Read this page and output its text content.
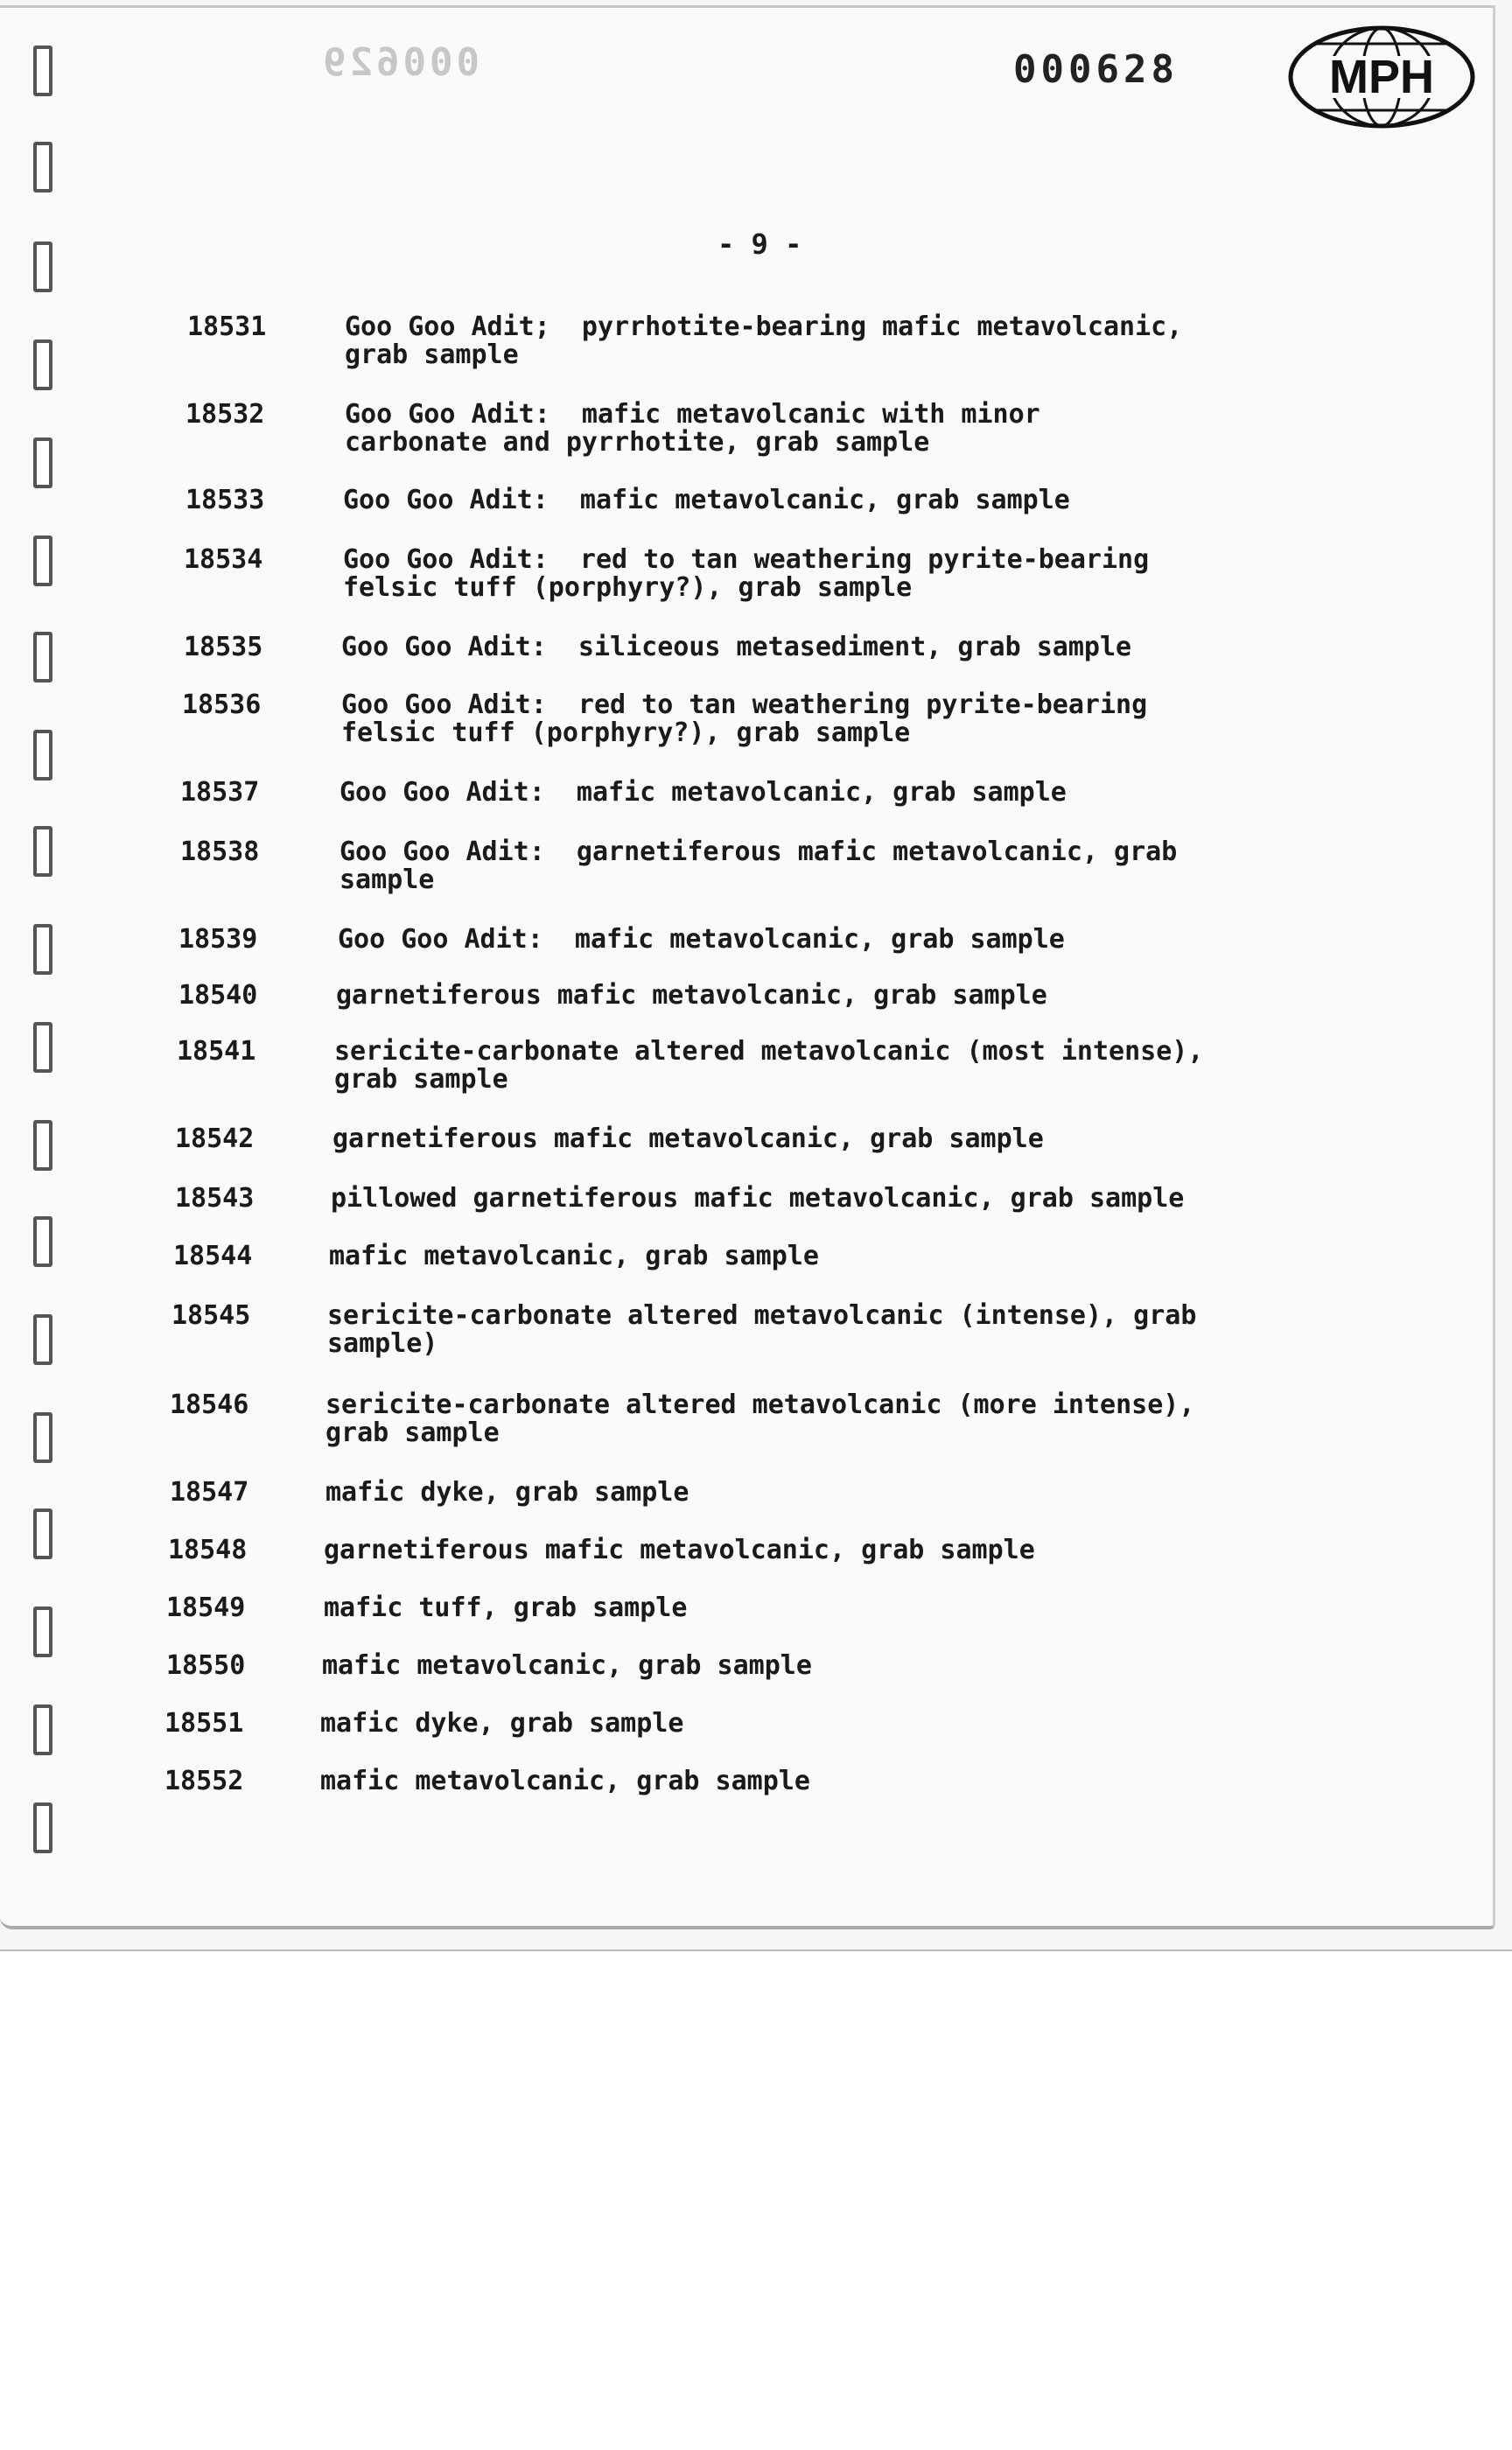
000629	000628	MPH
- 9 -
18531	Goo Goo Adit;  pyrrhotite-bearing mafic metavolcanic,
grab sample
18532	Goo Goo Adit:  mafic metavolcanic with minor
carbonate and pyrrhotite, grab sample
18533	Goo Goo Adit:  mafic metavolcanic, grab sample
18534	Goo Goo Adit:  red to tan weathering pyrite-bearing
felsic tuff (porphyry?), grab sample
18535	Goo Goo Adit:  siliceous metasediment, grab sample
18536	Goo Goo Adit:  red to tan weathering pyrite-bearing
felsic tuff (porphyry?), grab sample
18537	Goo Goo Adit:  mafic metavolcanic, grab sample
18538	Goo Goo Adit:  garnetiferous mafic metavolcanic, grab
sample
18539	Goo Goo Adit:  mafic metavolcanic, grab sample
18540	garnetiferous mafic metavolcanic, grab sample
18541	sericite-carbonate altered metavolcanic (most intense),
grab sample
18542	garnetiferous mafic metavolcanic, grab sample
18543	pillowed garnetiferous mafic metavolcanic, grab sample
18544	mafic metavolcanic, grab sample
18545	sericite-carbonate altered metavolcanic (intense), grab
sample)
18546	sericite-carbonate altered metavolcanic (more intense),
grab sample
18547	mafic dyke, grab sample
18548	garnetiferous mafic metavolcanic, grab sample
18549	mafic tuff, grab sample
18550	mafic metavolcanic, grab sample
18551	mafic dyke, grab sample
18552	mafic metavolcanic, grab sample
